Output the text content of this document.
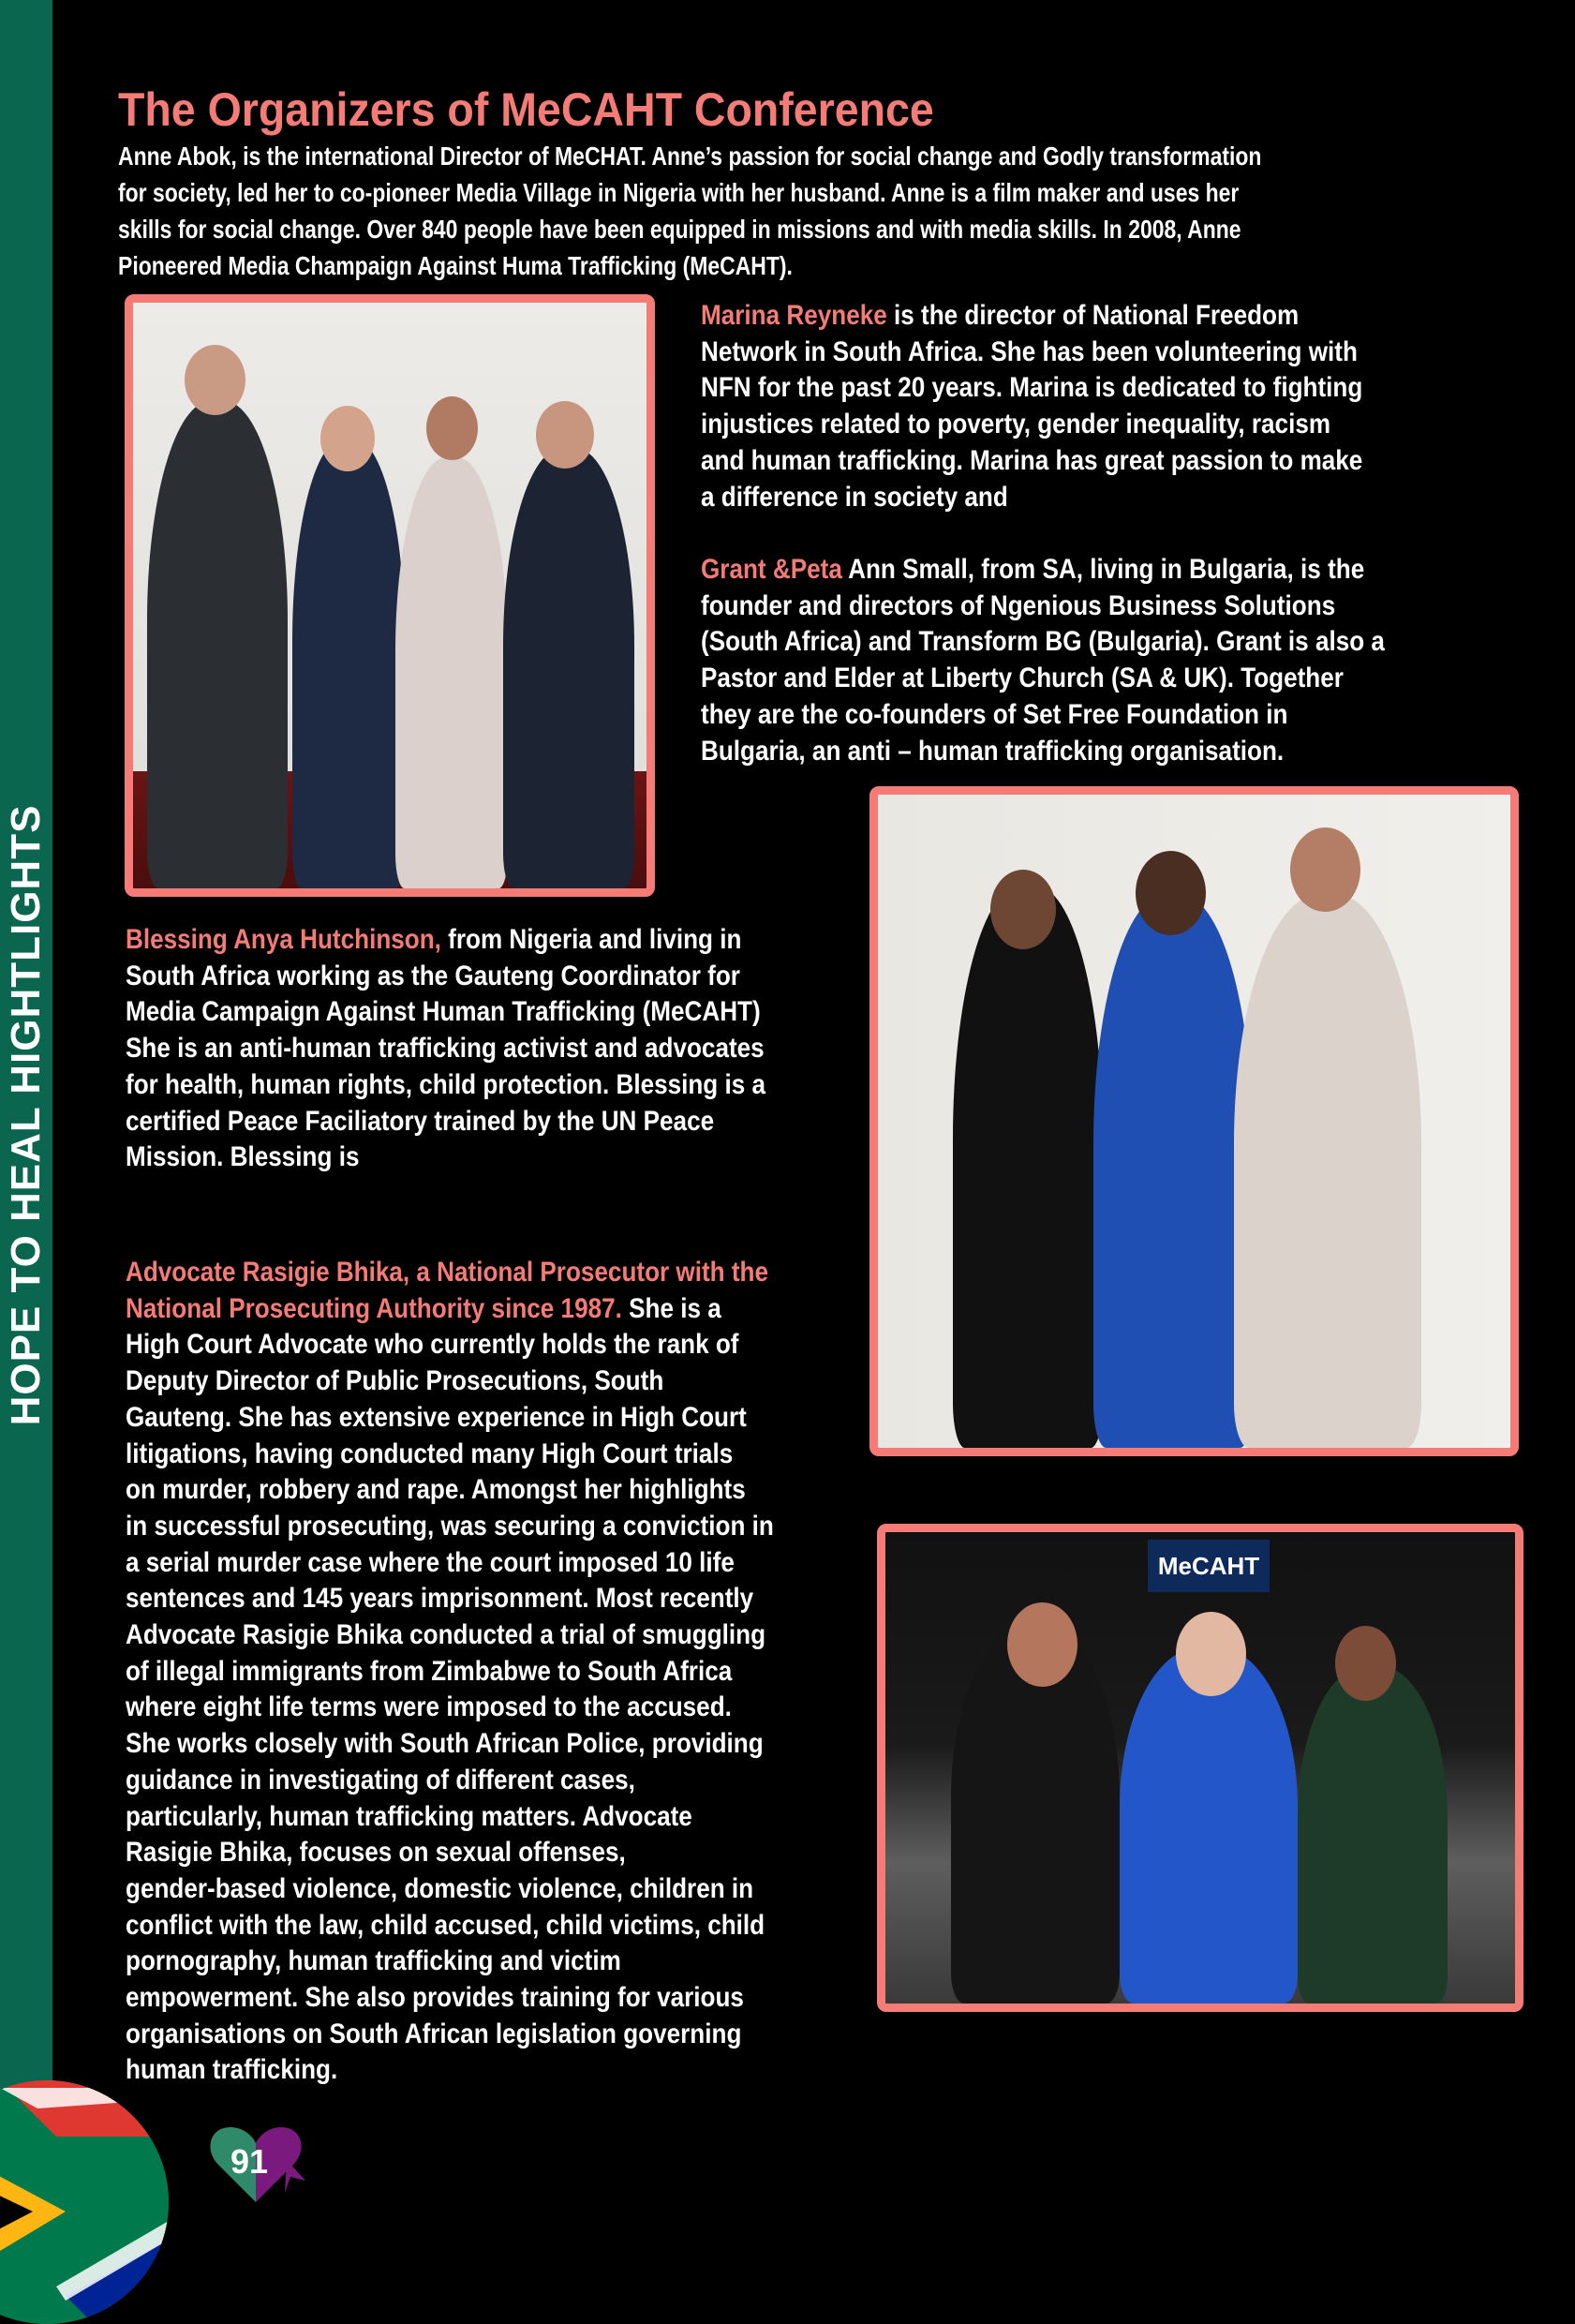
HOPE TO HEAL HIGHTLIGHTS
The Organizers of MeCAHT Conference
Anne Abok, is the international Director of MeCHAT. Anne’s passion for social change and Godly transformation
for society, led her to co-pioneer Media Village in Nigeria with her husband. Anne is a film maker and uses her
skills for social change. Over 840 people have been equipped in missions and with media skills. In 2008, Anne
Pioneered Media Champaign Against Huma Trafficking (MeCAHT).
Marina Reyneke is the director of National Freedom
Network in South Africa. She has been volunteering with
NFN for the past 20 years. Marina is dedicated to fighting
injustices related to poverty, gender inequality, racism
and human trafficking. Marina has great passion to make
a difference in society and
Grant &Peta Ann Small, from SA, living in Bulgaria, is the
founder and directors of Ngenious Business Solutions
(South Africa) and Transform BG (Bulgaria). Grant is also a
Pastor and Elder at Liberty Church (SA & UK). Together
they are the co-founders of Set Free Foundation in
Bulgaria, an anti – human trafficking organisation.
Blessing Anya Hutchinson, from Nigeria and living in
South Africa working as the Gauteng Coordinator for
Media Campaign Against Human Trafficking (MeCAHT)
She is an anti-human trafficking activist and advocates
for health, human rights, child protection. Blessing is a
certified Peace Faciliatory trained by the UN Peace
Mission. Blessing is
Advocate Rasigie Bhika, a National Prosecutor with the
National Prosecuting Authority since 1987. She is a
High Court Advocate who currently holds the rank of
Deputy Director of Public Prosecutions, South
Gauteng. She has extensive experience in High Court
litigations, having conducted many High Court trials
on murder, robbery and rape. Amongst her highlights
in successful prosecuting, was securing a conviction in
a serial murder case where the court imposed 10 life
sentences and 145 years imprisonment. Most recently
Advocate Rasigie Bhika conducted a trial of smuggling
of illegal immigrants from Zimbabwe to South Africa
where eight life terms were imposed to the accused.
She works closely with South African Police, providing
guidance in investigating of different cases,
particularly, human trafficking matters. Advocate
Rasigie Bhika, focuses on sexual offenses,
gender-based violence, domestic violence, children in
conflict with the law, child accused, child victims, child
pornography, human trafficking and victim
empowerment. She also provides training for various
organisations on South African legislation governing
human trafficking.
MeCAHT
91
